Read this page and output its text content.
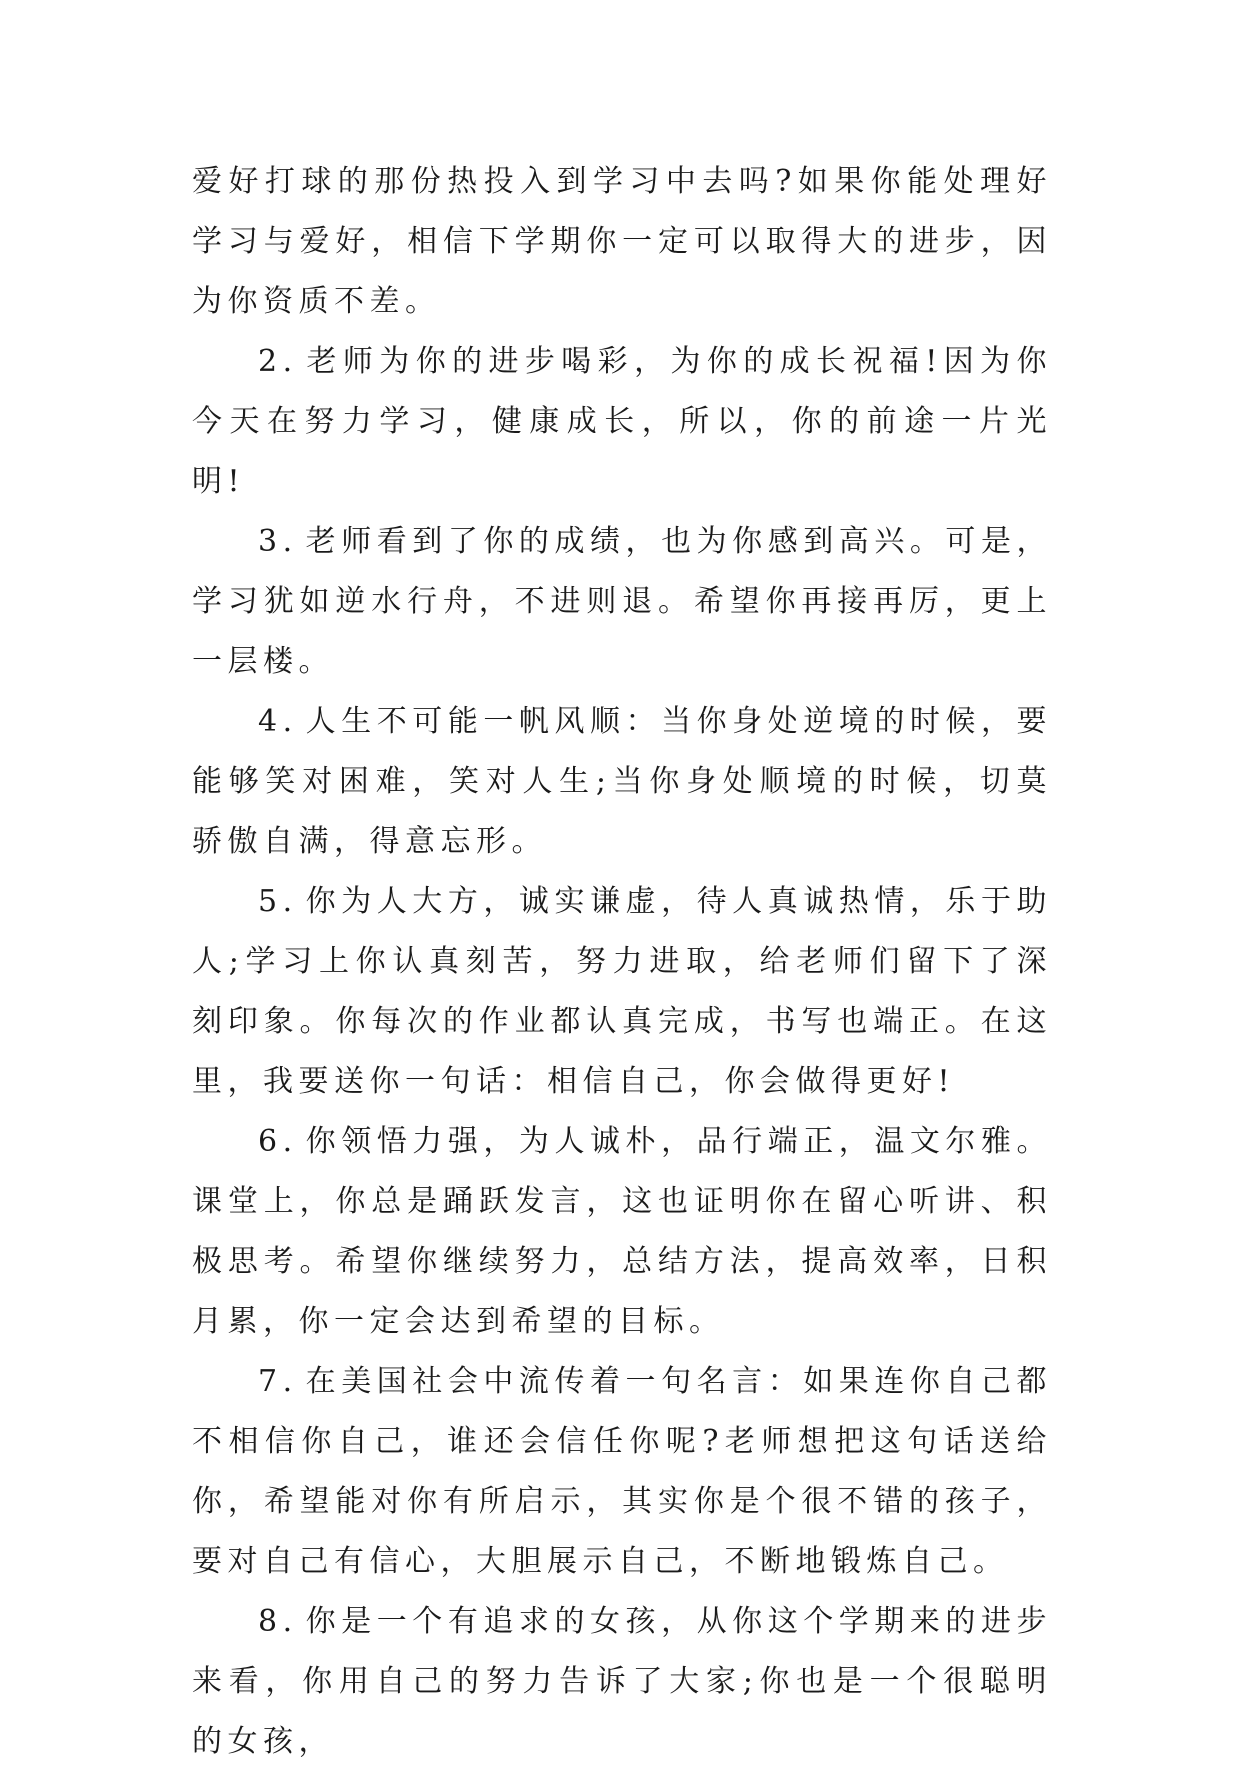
爱好打球的那份热投入到学习中去吗?如果你能处理好学习与爱好，相信下学期你一定可以取得大的进步，因为你资质不差。

2. 老师为你的进步喝彩，为你的成长祝福!因为你今天在努力学习，健康成长，所以，你的前途一片光明!

3. 老师看到了你的成绩，也为你感到高兴。可是，学习犹如逆水行舟，不进则退。希望你再接再厉，更上一层楼。

4. 人生不可能一帆风顺：当你身处逆境的时候，要能够笑对困难，笑对人生;当你身处顺境的时候，切莫骄傲自满，得意忘形。

5. 你为人大方，诚实谦虚，待人真诚热情，乐于助人;学习上你认真刻苦，努力进取，给老师们留下了深刻印象。你每次的作业都认真完成，书写也端正。在这里，我要送你一句话：相信自己，你会做得更好!

6. 你领悟力强，为人诚朴，品行端正，温文尔雅。课堂上，你总是踊跃发言，这也证明你在留心听讲、积极思考。希望你继续努力，总结方法，提高效率，日积月累，你一定会达到希望的目标。

7. 在美国社会中流传着一句名言：如果连你自己都不相信你自己，谁还会信任你呢?老师想把这句话送给你，希望能对你有所启示，其实你是个很不错的孩子，要对自己有信心，大胆展示自己，不断地锻炼自己。

8. 你是一个有追求的女孩，从你这个学期来的进步来看，你用自己的努力告诉了大家;你也是一个很聪明的女孩，
